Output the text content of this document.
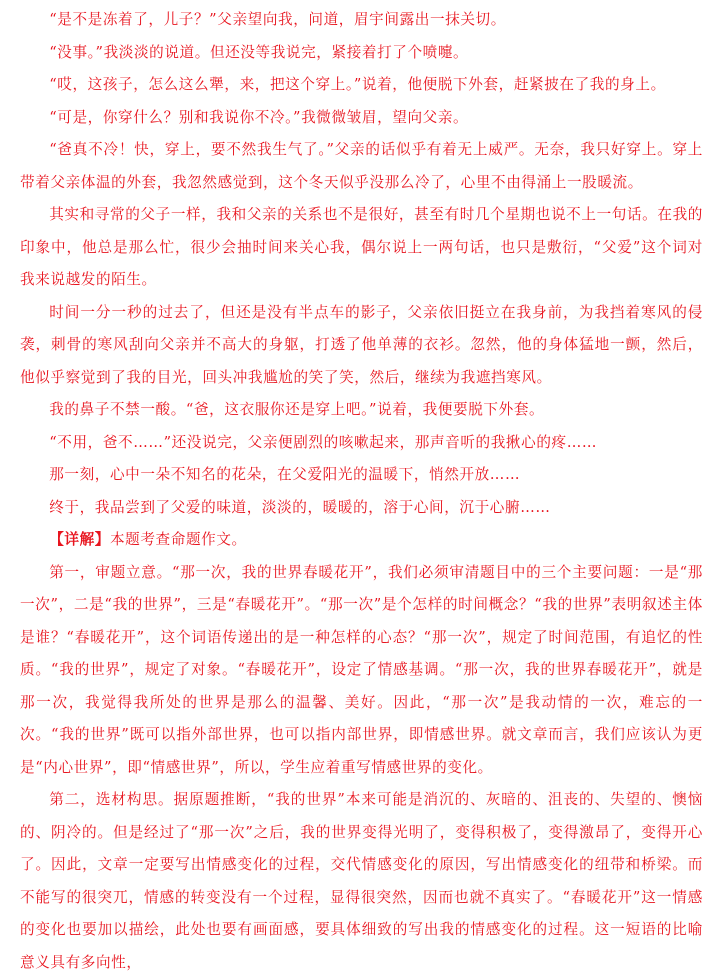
“是不是冻着了，儿子？”父亲望向我，问道，眉宇间露出一抹关切。

“没事。”我淡淡的说道。但还没等我说完，紧接着打了个喷嚏。

“哎，这孩子，怎么这么犟，来，把这个穿上。”说着，他便脱下外套，赶紧披在了我的身上。

“可是，你穿什么？别和我说你不冷。”我微微皱眉，望向父亲。

“爸真不冷！快，穿上，要不然我生气了。”父亲的话似乎有着无上威严。无奈，我只好穿上。穿上带着父亲体温的外套，我忽然感觉到，这个冬天似乎没那么冷了，心里不由得涌上一股暖流。

其实和寻常的父子一样，我和父亲的关系也不是很好，甚至有时几个星期也说不上一句话。在我的印象中，他总是那么忙，很少会抽时间来关心我，偶尔说上一两句话，也只是敷衍，“父爱”这个词对我来说越发的陌生。

时间一分一秒的过去了，但还是没有半点车的影子，父亲依旧挺立在我身前，为我挡着寒风的侵袭，刺骨的寒风刮向父亲并不高大的身躯，打透了他单薄的衣衫。忽然，他的身体猛地一颤，然后，他似乎察觉到了我的目光，回头冲我尴尬的笑了笑，然后，继续为我遮挡寒风。

我的鼻子不禁一酸。“爸，这衣服你还是穿上吧。”说着，我便要脱下外套。

“不用，爸不……”还没说完，父亲便剧烈的咳嗽起来，那声音听的我揪心的疼……

那一刻，心中一朵不知名的花朵，在父爱阳光的温暖下，悄然开放……

终于，我品尝到了父爱的味道，淡淡的，暖暖的，溶于心间，沉于心腑……

【详解】本题考查命题作文。

第一，审题立意。“那一次，我的世界春暖花开”，我们必须审清题目中的三个主要问题：一是“那一次”，二是“我的世界”，三是“春暖花开”。“那一次”是个怎样的时间概念？“我的世界”表明叙述主体是谁？“春暖花开”，这个词语传递出的是一种怎样的心态？“那一次”，规定了时间范围，有追忆的性质。“我的世界”，规定了对象。“春暖花开”，设定了情感基调。“那一次，我的世界春暖花开”，就是那一次，我觉得我所处的世界是那么的温馨、美好。因此，“那一次”是我动情的一次，难忘的一次。“我的世界”既可以指外部世界，也可以指内部世界，即情感世界。就文章而言，我们应该认为更是“内心世界”，即“情感世界”，所以，学生应着重写情感世界的变化。

第二，选材构思。据原题推断，“我的世界”本来可能是消沉的、灰暗的、沮丧的、失望的、懊恼的、阴冷的。但是经过了“那一次”之后，我的世界变得光明了，变得积极了，变得激昂了，变得开心了。因此，文章一定要写出情感变化的过程，交代情感变化的原因，写出情感变化的纽带和桥梁。而不能写的很突兀，情感的转变没有一个过程，显得很突然，因而也就不真实了。“春暖花开”这一情感的变化也要加以描绘，此处也要有画面感，要具体细致的写出我的情感变化的过程。这一短语的比喻意义具有多向性，
